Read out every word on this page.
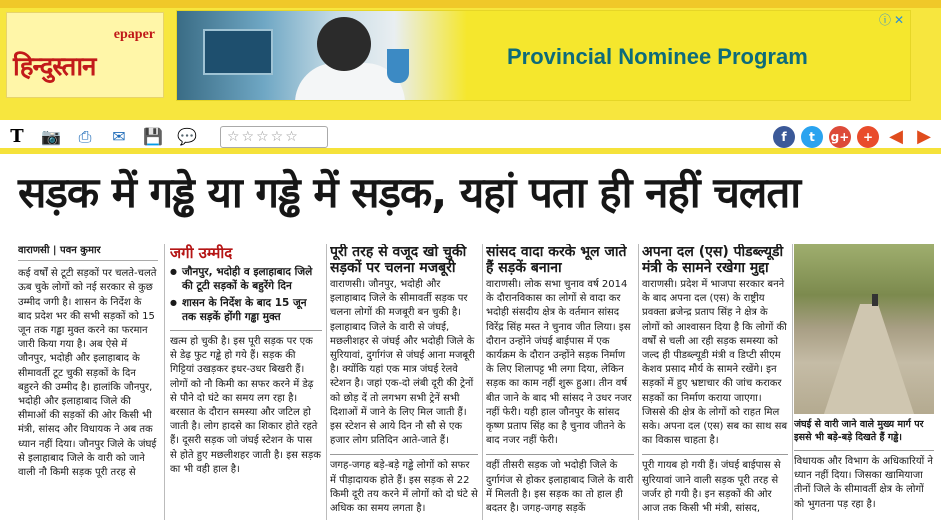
epaper
हिन्दुस्तान	Provincial Nominee Program
ⓘ ✕
T 📷 ⎙ ✉ 💾 💬	☆☆☆☆☆	f	t	g+	+ ◀ ▶
सड़क में गड्ढे या गड्ढे में सड़क, यहां पता ही नहीं चलता
वाराणसी | पवन कुमार
कई वर्षों से टूटी सड़कों पर चलते-चलते ऊब चुके लोगों को नई सरकार से कुछ उम्मीद जगी है। शासन के निर्देश के बाद प्रदेश भर की सभी सड़कों को 15 जून तक गड्ढा मुक्त करने का फरमान जारी किया गया है। अब ऐसे में जौनपुर, भदोही और इलाहाबाद के सीमावर्ती टूट चुकी सड़कों के दिन बहुरने की उम्मीद है। हालांकि जौनपुर, भदोही और इलाहाबाद जिले की सीमाओं की सड़कों की ओर किसी भी मंत्री, सांसद और विधायक ने अब तक ध्यान नहीं दिया। जौनपुर जिले के जंघई से इलाहाबाद जिले के वारी को जाने वाली नौ किमी सड़क पूरी तरह से
जगी उम्मीद
● जौनपुर, भदोही व इलाहाबाद जिले की टूटी सड़कों के बहुरेंगे दिन
● शासन के निर्देश के बाद 15 जून तक सड़कें होंगी गड्ढा मुक्त
खत्म हो चुकी है। इस पूरी सड़क पर एक से डेढ़ फुट गड्ढे हो गये हैं। सड़क की गिट्टियां उखड़कर इधर-उधर बिखरी हैं। लोगों को नौ किमी का सफर करने में डेढ़ से पौने दो घंटे का समय लग रहा है। बरसात के दौरान समस्या और जटिल हो जाती है। लोग हादसे का शिकार होते रहते हैं। दूसरी सड़क जो जंघई स्टेशन के पास से होते हुए मछलीशहर जाती है। इस सड़क का भी वही हाल है।
पूरी तरह से वजूद खो चुकी सड़कों पर चलना मजबूरी
वाराणसी। जौनपुर, भदोही और इलाहाबाद जिले के सीमावर्ती सड़क पर चलना लोगों की मजबूरी बन चुकी है। इलाहाबाद जिले के वारी से जंघई, मछलीशहर से जंघई और भदोही जिले के सुरियावां, दुर्गागंज से जंघई आना मजबूरी है। क्योंकि यहां एक मात्र जंघई रेलवे स्टेशन है। जहां एक-दो लंबी दूरी की ट्रेनों को छोड़ दें तो लगभग सभी ट्रेनें सभी दिशाओं में जाने के लिए मिल जाती हैं। इस स्टेशन से आये दिन नौ सौ से एक हजार लोग प्रतिदिन आते-जाते हैं।
जगह-जगह बड़े-बड़े गड्ढे लोगों को सफर में पीड़ादायक होते हैं। इस सड़क से 22 किमी दूरी तय करने में लोगों को दो घंटे से अधिक का समय लगता है।
सांसद वादा करके भूल जाते हैं सड़कें बनाना
वाराणसी। लोक सभा चुनाव वर्ष 2014 के दौरानविकास का लोगों से वादा कर भदोही संसदीय क्षेत्र के वर्तमान सांसद विरेंद्र सिंह मस्त ने चुनाव जीत लिया। इस दौरान उन्होंने जंघई बाईपास में एक कार्यक्रम के दौरान उन्होंने सड़क निर्माण के लिए शिलापट्ट भी लगा दिया, लेकिन सड़क का काम नहीं शुरू हुआ। तीन वर्ष बीत जाने के बाद भी सांसद ने उधर नजर नहीं फेरी। यही हाल जौनपुर के सांसद कृष्ण प्रताप सिंह का है चुनाव जीतने के बाद नजर नहीं फेरी।
वहीं तीसरी सड़क जो भदोही जिले के दुर्गागंज से होकर इलाहाबाद जिले के वारी में मिलती है। इस सड़क का तो हाल ही बदतर है। जगह-जगह सड़कें
अपना दल (एस) पीडब्ल्यूडी मंत्री के सामने रखेगा मुद्दा
वाराणसी। प्रदेश में भाजपा सरकार बनने के बाद अपना दल (एस) के राष्ट्रीय प्रवक्ता ब्रजेन्द्र प्रताप सिंह ने क्षेत्र के लोगों को आश्वासन दिया है कि लोगों की वर्षों से चली आ रही सड़क समस्या को जल्द ही पीडब्ल्यूडी मंत्री व डिप्टी सीएम केशव प्रसाद मौर्य के सामने रखेंगे। इन सड़कों में हुए भ्रष्टाचार की जांच कराकर सड़कों का निर्माण कराया जाएगा। जिससे की क्षेत्र के लोगों को राहत मिल सके। अपना दल (एस) सब का साथ सब का विकास चाहता है।
पूरी गायब हो गयी हैं। जंघई बाईपास से सुरियावां जाने वाली सड़क पूरी तरह से जर्जर हो गयी है। इन सड़कों की ओर आज तक किसी भी मंत्री, सांसद,
जंघई से वारी जाने वाले मुख्य मार्ग पर इससे भी बड़े-बड़े दिखते हैं गड्ढे।
विधायक और विभाग के अधिकारियों ने ध्यान नहीं दिया। जिसका खामियाजा तीनों जिले के सीमावर्ती क्षेत्र के लोगों को भुगतना पड़ रहा है।
